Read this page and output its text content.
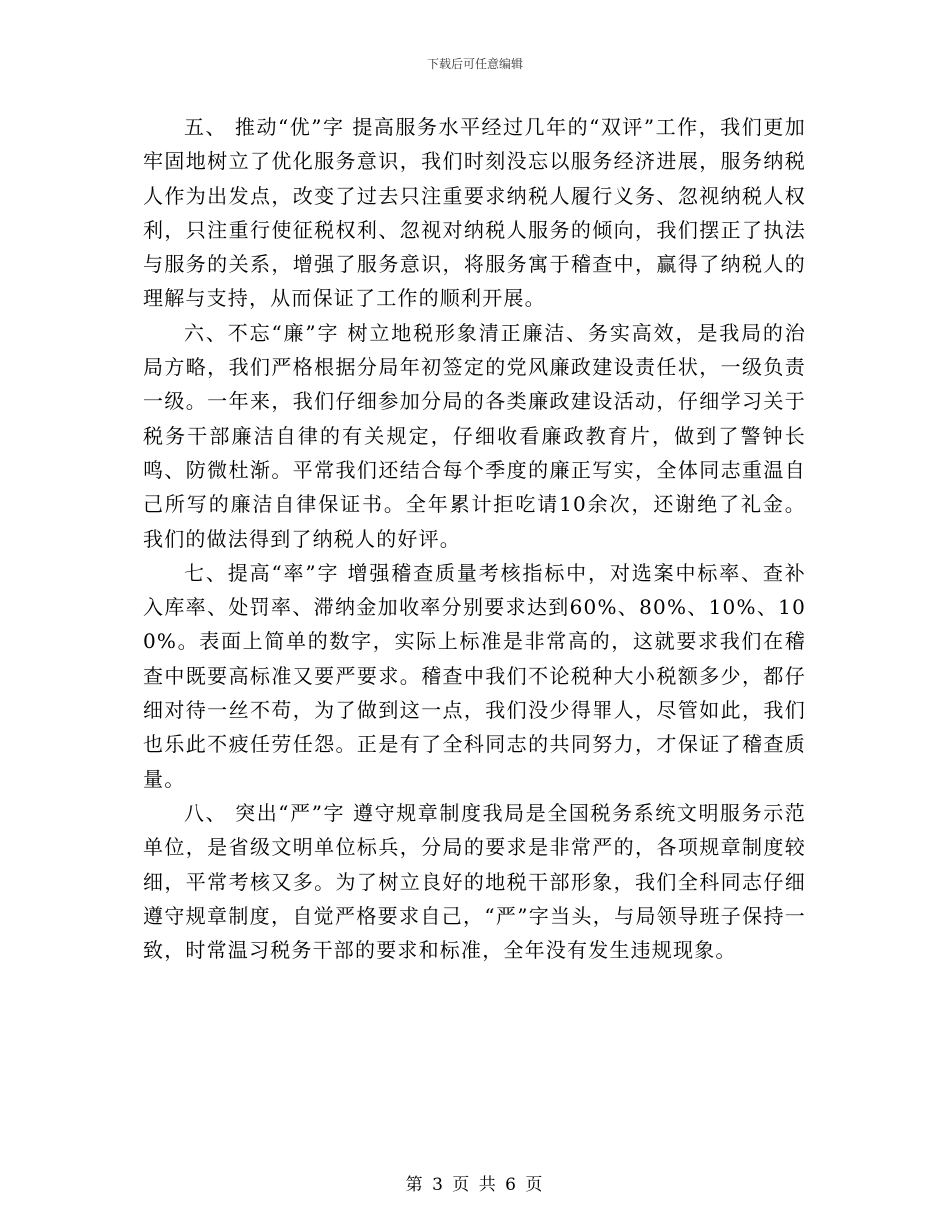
下载后可任意编辑

五、 推动“优”字 提高服务水平经过几年的“双评”工作，我们更加牢固地树立了优化服务意识，我们时刻没忘以服务经济进展，服务纳税人作为出发点，改变了过去只注重要求纳税人履行义务、忽视纳税人权利，只注重行使征税权利、忽视对纳税人服务的倾向，我们摆正了执法与服务的关系，增强了服务意识，将服务寓于稽查中，赢得了纳税人的理解与支持，从而保证了工作的顺利开展。

六、不忘“廉”字 树立地税形象清正廉洁、务实高效，是我局的治局方略，我们严格根据分局年初签定的党风廉政建设责任状，一级负责一级。一年来，我们仔细参加分局的各类廉政建设活动，仔细学习关于税务干部廉洁自律的有关规定，仔细收看廉政教育片，做到了警钟长鸣、防微杜渐。平常我们还结合每个季度的廉正写实，全体同志重温自己所写的廉洁自律保证书。全年累计拒吃请10余次，还谢绝了礼金。我们的做法得到了纳税人的好评。

七、提高“率”字 增强稽查质量考核指标中，对选案中标率、查补入库率、处罚率、滞纳金加收率分别要求达到60%、80%、10%、100%。表面上简单的数字，实际上标准是非常高的，这就要求我们在稽查中既要高标准又要严要求。稽查中我们不论税种大小税额多少，都仔细对待一丝不苟，为了做到这一点，我们没少得罪人，尽管如此，我们也乐此不疲任劳任怨。正是有了全科同志的共同努力，才保证了稽查质量。

八、 突出“严”字 遵守规章制度我局是全国税务系统文明服务示范单位，是省级文明单位标兵，分局的要求是非常严的，各项规章制度较细，平常考核又多。为了树立良好的地税干部形象，我们全科同志仔细遵守规章制度，自觉严格要求自己，“严”字当头，与局领导班子保持一致，时常温习税务干部的要求和标准，全年没有发生违规现象。

第 3 页 共 6 页
